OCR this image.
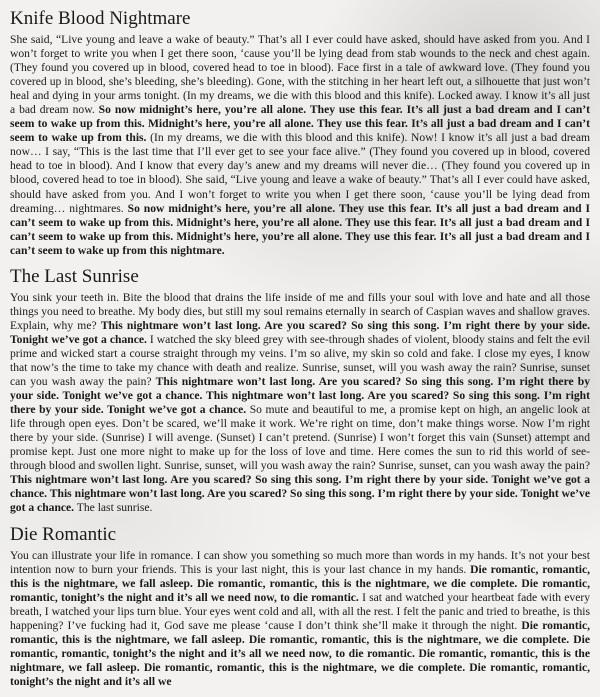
Knife Blood Nightmare

She said, “Live young and leave a wake of beauty.” That’s all I ever could have asked, should have asked from you. And I won’t forget to write you when I get there soon, ‘cause you’ll be lying dead from stab wounds to the neck and chest again. (They found you covered up in blood, covered head to toe in blood). Face first in a tale of awkward love. (They found you covered up in blood, she’s bleeding, she’s bleeding). Gone, with the stitching in her heart left out, a silhouette that just won’t heal and dying in your arms tonight. (In my dreams, we die with this blood and this knife). Locked away. I know it’s all just a bad dream now. So now midnight’s here, you’re all alone. They use this fear. It’s all just a bad dream and I can’t seem to wake up from this. Midnight’s here, you’re all alone. They use this fear. It’s all just a bad dream and I can’t seem to wake up from this. (In my dreams, we die with this blood and this knife). Now! I know it’s all just a bad dream now… I say, “This is the last time that I’ll ever get to see your face alive.” (They found you covered up in blood, covered head to toe in blood). And I know that every day’s anew and my dreams will never die… (They found you covered up in blood, covered head to toe in blood). She said, “Live young and leave a wake of beauty.” That’s all I ever could have asked, should have asked from you. And I won’t forget to write you when I get there soon, ‘cause you’ll be lying dead from dreaming… nightmares. So now midnight’s here, you’re all alone. They use this fear. It’s all just a bad dream and I can’t seem to wake up from this. Midnight’s here, you’re all alone. They use this fear. It’s all just a bad dream and I can’t seem to wake up from this. Midnight’s here, you’re all alone. They use this fear. It’s all just a bad dream and I can’t seem to wake up from this nightmare.

The Last Sunrise

You sink your teeth in. Bite the blood that drains the life inside of me and fills your soul with love and hate and all those things you need to breathe. My body dies, but still my soul remains eternally in search of Caspian waves and shallow graves. Explain, why me? This nightmare won’t last long. Are you scared? So sing this song. I’m right there by your side. Tonight we’ve got a chance. I watched the sky bleed grey with see-through shades of violent, bloody stains and felt the evil prime and wicked start a course straight through my veins. I’m so alive, my skin so cold and fake. I close my eyes, I know that now’s the time to take my chance with death and realize. Sunrise, sunset, will you wash away the rain? Sunrise, sunset can you wash away the pain? This nightmare won’t last long. Are you scared? So sing this song. I’m right there by your side. Tonight we’ve got a chance. This nightmare won’t last long. Are you scared? So sing this song. I’m right there by your side. Tonight we’ve got a chance. So mute and beautiful to me, a promise kept on high, an angelic look at life through open eyes. Don’t be scared, we’ll make it work. We’re right on time, don’t make things worse. Now I’m right there by your side. (Sunrise) I will avenge. (Sunset) I can’t pretend. (Sunrise) I won’t forget this vain (Sunset) attempt and promise kept. Just one more night to make up for the loss of love and time. Here comes the sun to rid this world of see-through blood and swollen light. Sunrise, sunset, will you wash away the rain? Sunrise, sunset, can you wash away the pain? This nightmare won’t last long. Are you scared? So sing this song. I’m right there by your side. Tonight we’ve got a chance. This nightmare won’t last long. Are you scared? So sing this song. I’m right there by your side. Tonight we’ve got a chance. The last sunrise.

Die Romantic

You can illustrate your life in romance. I can show you something so much more than words in my hands. It’s not your best intention now to burn your friends. This is your last night, this is your last chance in my hands. Die romantic, romantic, this is the nightmare, we fall asleep. Die romantic, romantic, this is the nightmare, we die complete. Die romantic, romantic, tonight’s the night and it’s all we need now, to die romantic. I sat and watched your heartbeat fade with every breath, I watched your lips turn blue. Your eyes went cold and all, with all the rest. I felt the panic and tried to breathe, is this happening? I’ve fucking had it, God save me please ‘cause I don’t think she’ll make it through the night. Die romantic, romantic, this is the nightmare, we fall asleep. Die romantic, romantic, this is the nightmare, we die complete. Die romantic, romantic, tonight’s the night and it’s all we need now, to die romantic. Die romantic, romantic, this is the nightmare, we fall asleep. Die romantic, romantic, this is the nightmare, we die complete. Die romantic, romantic, tonight’s the night and it’s all we
